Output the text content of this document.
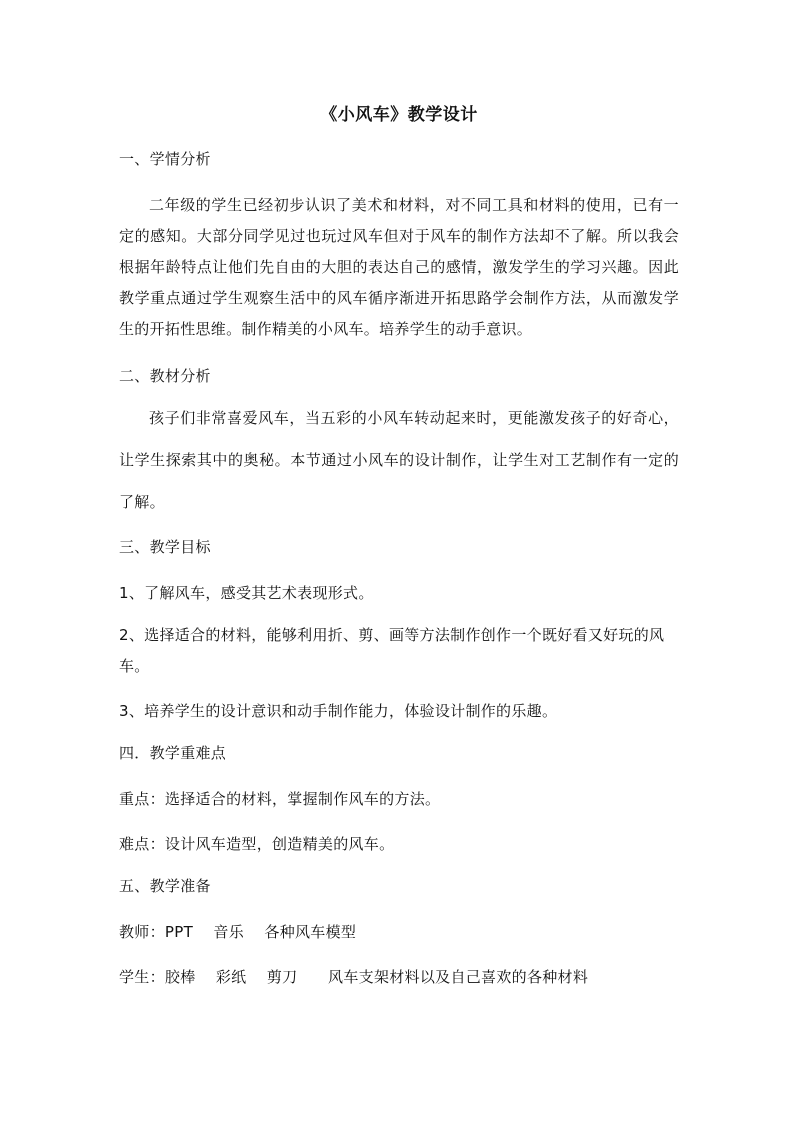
《小风车》教学设计
一、学情分析
二年级的学生已经初步认识了美术和材料，对不同工具和材料的使用，已有一定的感知。大部分同学见过也玩过风车但对于风车的制作方法却不了解。所以我会根据年龄特点让他们先自由的大胆的表达自己的感情，激发学生的学习兴趣。因此教学重点通过学生观察生活中的风车循序渐进开拓思路学会制作方法，从而激发学生的开拓性思维。制作精美的小风车。培养学生的动手意识。
二、教材分析
孩子们非常喜爱风车，当五彩的小风车转动起来时，更能激发孩子的好奇心，让学生探索其中的奥秘。本节通过小风车的设计制作，让学生对工艺制作有一定的了解。
三、教学目标
1、了解风车，感受其艺术表现形式。
2、选择适合的材料，能够利用折、剪、画等方法制作创作一个既好看又好玩的风车。
3、培养学生的设计意识和动手制作能力，体验设计制作的乐趣。
四．教学重难点
重点：选择适合的材料，掌握制作风车的方法。
难点：设计风车造型，创造精美的风车。
五、教学准备
教师：PPT　 音乐　 各种风车模型
学生：胶棒　 彩纸　 剪刀　　风车支架材料以及自己喜欢的各种材料
